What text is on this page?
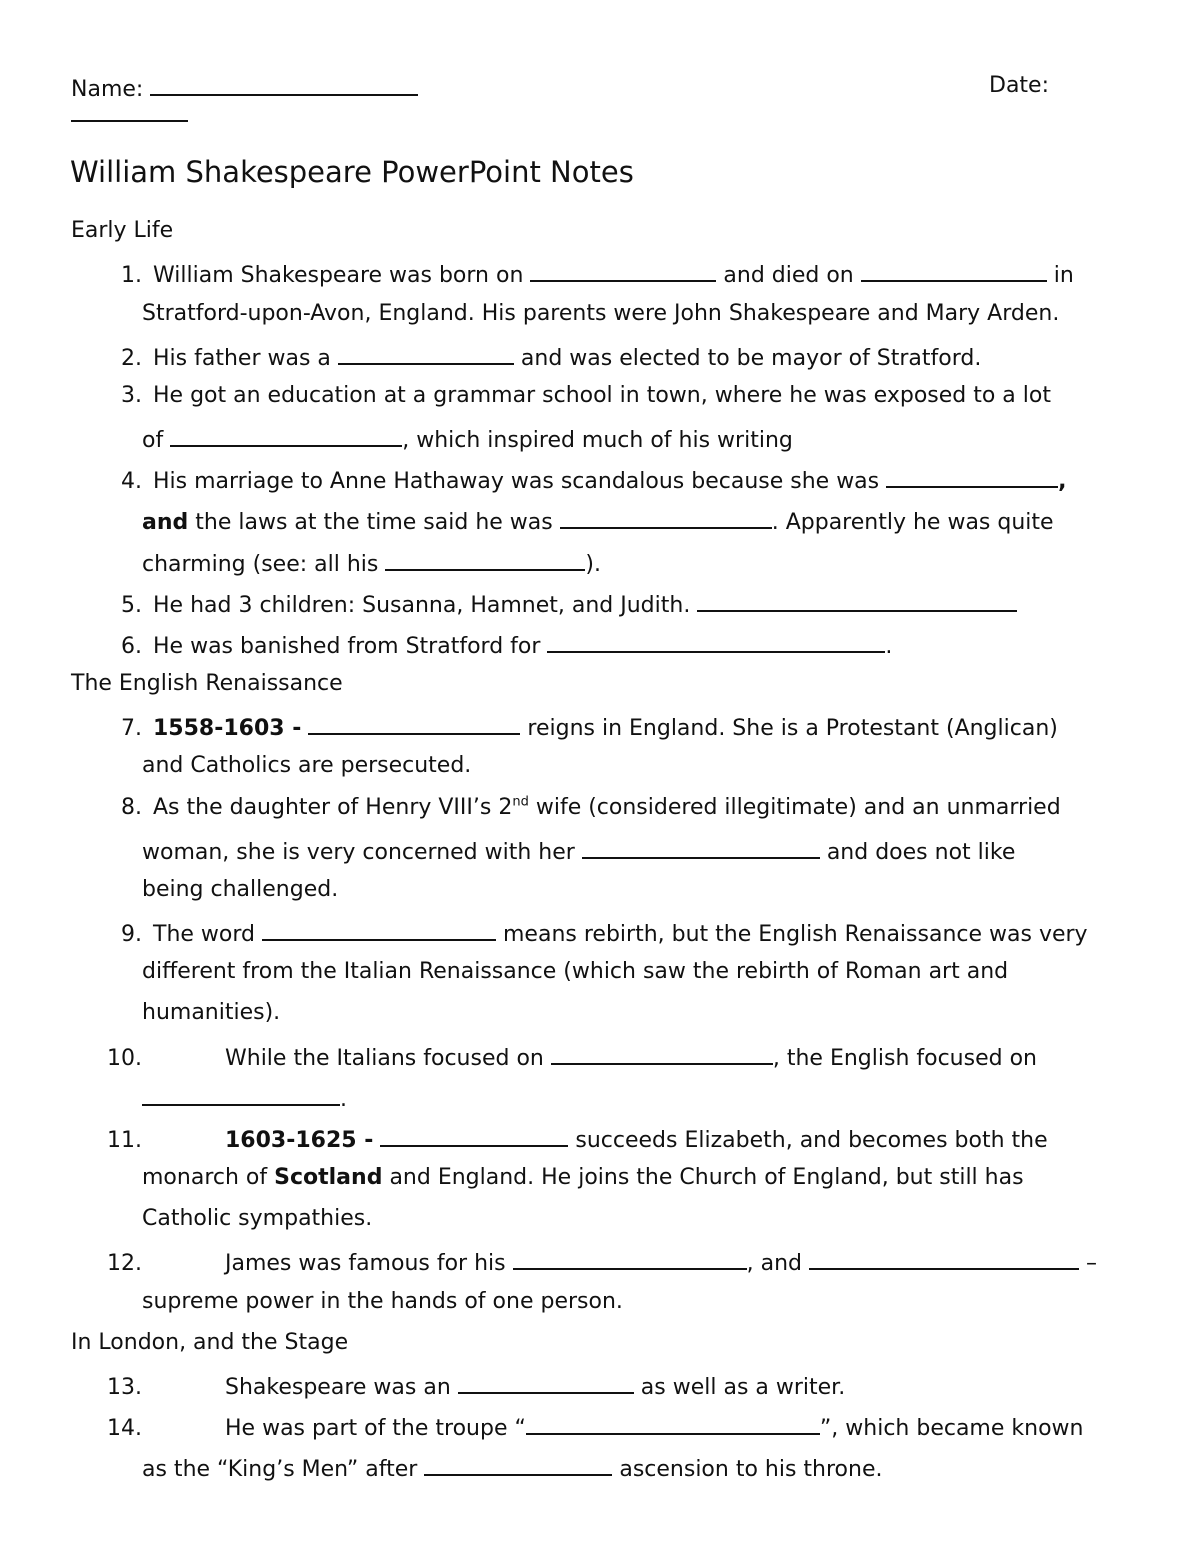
Name:	Date:
William Shakespeare PowerPoint Notes
Early Life
1. William Shakespeare was born on	and died on	in
Stratford-upon-Avon, England. His parents were John Shakespeare and Mary Arden.
2. His father was a	and was elected to be mayor of Stratford.
3. He got an education at a grammar school in town, where he was exposed to a lot
of	, which inspired much of his writing
4. His marriage to Anne Hathaway was scandalous because she was	,
and the laws at the time said he was	. Apparently he was quite
charming (see: all his	).
5. He had 3 children: Susanna, Hamnet, and Judith.
6. He was banished from Stratford for	.
The English Renaissance
7. 1558-1603 -	reigns in England. She is a Protestant (Anglican)
and Catholics are persecuted.
8. As the daughter of Henry VIII’s 2nd wife (considered illegitimate) and an unmarried
woman, she is very concerned with her	and does not like
being challenged.
9. The word	means rebirth, but the English Renaissance was very
different from the Italian Renaissance (which saw the rebirth of Roman art and
humanities).
10.	While the Italians focused on	, the English focused on
.
11.	1603-1625 -	succeeds Elizabeth, and becomes both the
monarch of Scotland and England. He joins the Church of England, but still has
Catholic sympathies.
12.	James was famous for his	, and	–
supreme power in the hands of one person.
In London, and the Stage
13.	Shakespeare was an	as well as a writer.
14.	He was part of the troupe “	”, which became known
as the “King’s Men” after	ascension to his throne.
